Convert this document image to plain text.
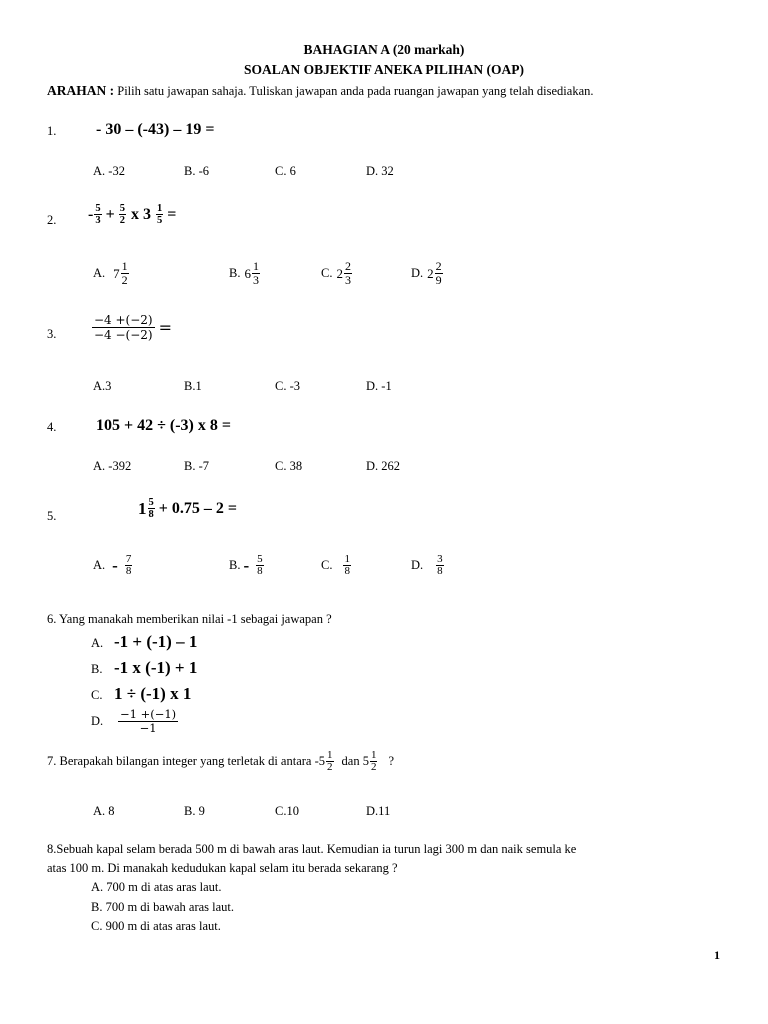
BAHAGIAN A (20 markah)
SOALAN OBJEKTIF ANEKA PILIHAN (OAP)
ARAHAN : Pilih satu jawapan sahaja. Tuliskan jawapan anda pada ruangan jawapan yang telah disediakan.
1. - 30 – (-43) – 19 =
A. -32	B. -6	C. 6	D. 32
2. - $\frac{5}{3} + \frac{5}{2}$ x $3 \frac{1}{5}$ =
A. $7 \frac{1}{2}$	B. $6 \frac{1}{3}$	C. $2 \frac{2}{3}$	D. $2 \frac{2}{9}$
3.	$\frac{-4 +(-2)}{-4 -(-2)}$ =
A.3	B.1	C. -3	D. -1
4. 105 + 42 ÷ (-3) x 8 =
A. -392	B. -7	C. 38	D. 262
5.	$1 \frac{5}{8} + 0.75 - 2$ =
A. - $\frac{7}{8}$	B. - $\frac{5}{8}$	C. $\frac{1}{8}$	D. $\frac{3}{8}$
6. Yang manakah memberikan nilai -1 sebagai jawapan ?
A. -1 + (-1) – 1
B. -1 x (-1) + 1
C. 1 ÷ (-1) x 1
D.	$\frac{-1 +(-1)}{-1}$
7. Berapakah bilangan integer yang terletak di antara $-5 \frac{1}{2}$ dan $5 \frac{1}{2}$ ?
A. 8	B. 9	C.10	D.11
8.Sebuah kapal selam berada 500 m di bawah aras laut. Kemudian ia turun lagi 300 m dan naik semula ke
atas 100 m. Di manakah kedudukan kapal selam itu berada sekarang ?
A. 700 m di atas aras laut.
B. 700 m di bawah aras laut.
C. 900 m di atas aras laut.
1
